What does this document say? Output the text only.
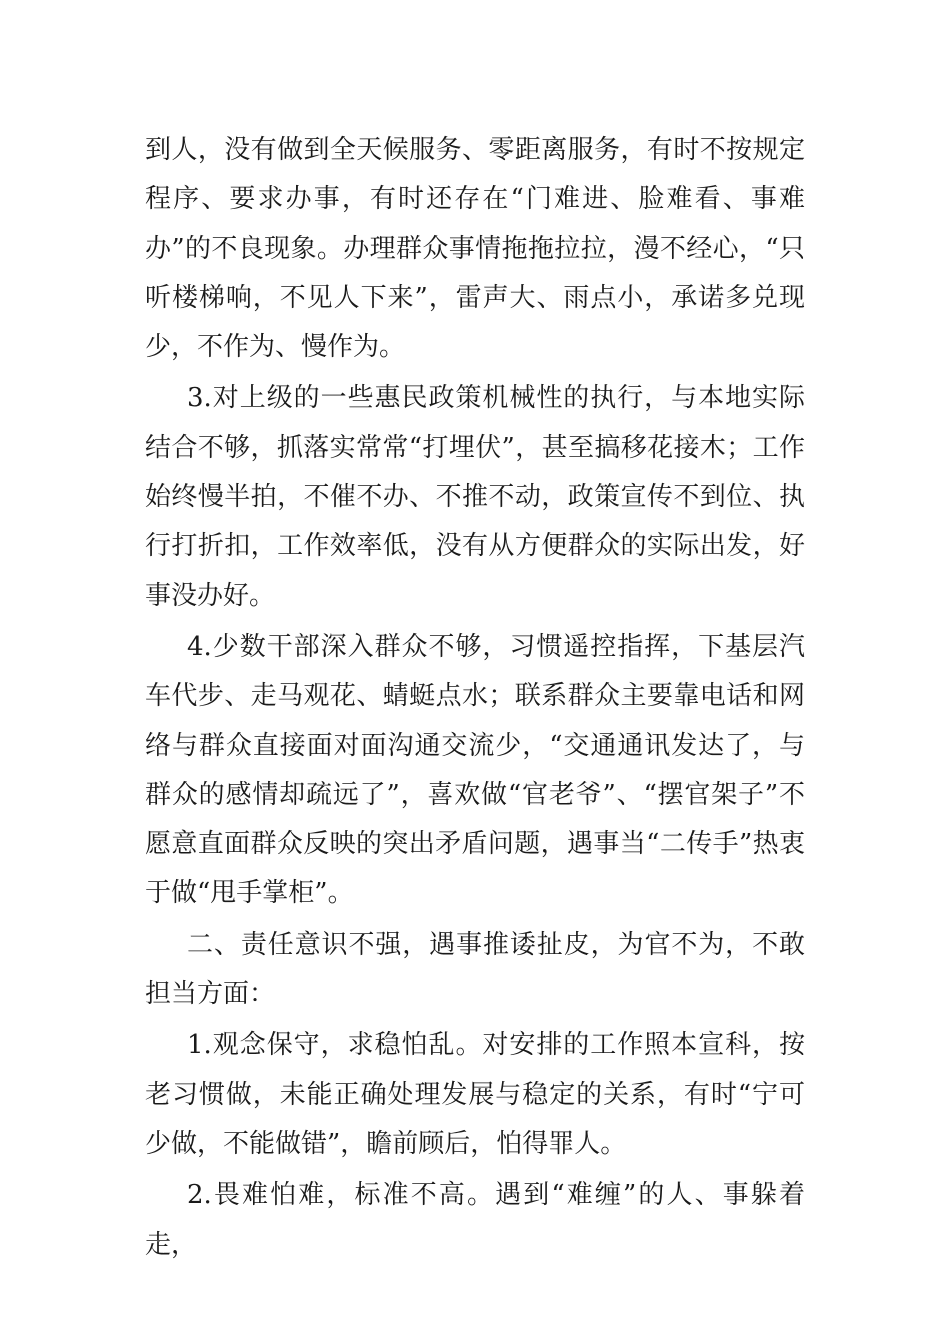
到人，没有做到全天候服务、零距离服务，有时不按规定程序、要求办事，有时还存在“门难进、脸难看、事难办”的不良现象。办理群众事情拖拖拉拉，漫不经心，“只听楼梯响，不见人下来”，雷声大、雨点小，承诺多兑现少，不作为、慢作为。

3.对上级的一些惠民政策机械性的执行，与本地实际结合不够，抓落实常常“打埋伏”，甚至搞移花接木；工作始终慢半拍，不催不办、不推不动，政策宣传不到位、执行打折扣，工作效率低，没有从方便群众的实际出发，好事没办好。

4.少数干部深入群众不够，习惯遥控指挥，下基层汽车代步、走马观花、蜻蜓点水；联系群众主要靠电话和网络与群众直接面对面沟通交流少，“交通通讯发达了，与群众的感情却疏远了”，喜欢做“官老爷”、“摆官架子”不愿意直面群众反映的突出矛盾问题，遇事当“二传手”热衷于做“甩手掌柜”。

二、责任意识不强，遇事推诿扯皮，为官不为，不敢担当方面：

1.观念保守，求稳怕乱。对安排的工作照本宣科，按老习惯做，未能正确处理发展与稳定的关系，有时“宁可少做，不能做错”，瞻前顾后，怕得罪人。

2.畏难怕难，标准不高。遇到“难缠”的人、事躲着走，
